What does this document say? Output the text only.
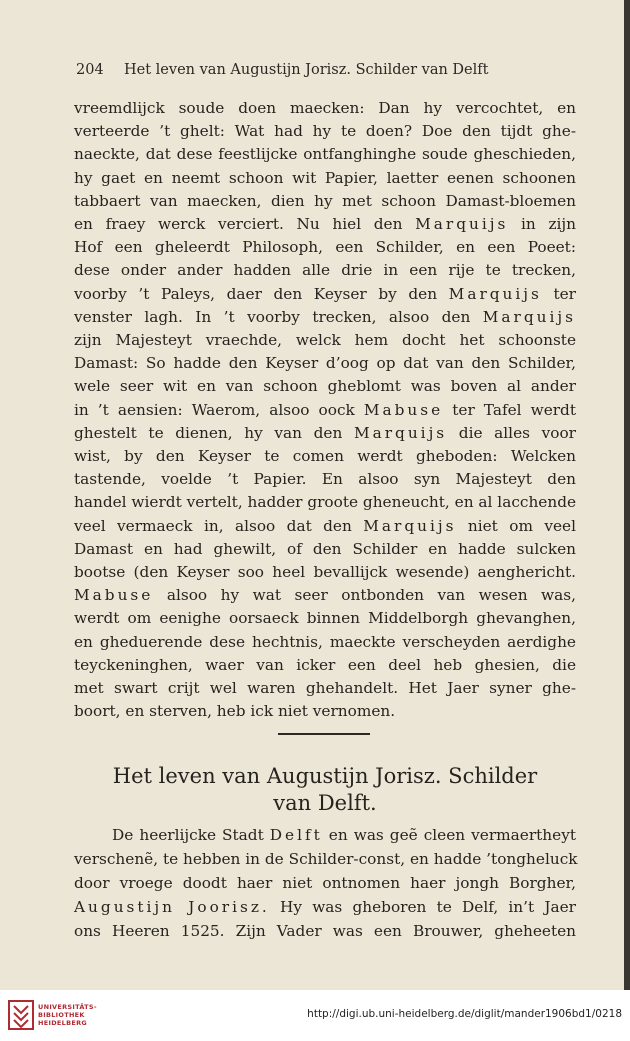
204 Het leven van Augustijn Jorisz. Schilder van Delft
vreemdlijck soude doen maecken: Dan hy vercochtet, en
verteerde ’t ghelt: Wat had hy te doen? Doe den tijdt ghe-
naeckte, dat dese feestlijcke ontfanghinghe soude gheschieden,
hy gaet en neemt schoon wit Papier, laetter eenen schoonen
tabbaert van maecken, dien hy met schoon Damast-bloemen
en fraey werck verciert. Nu hiel den Marquijs in zijn
Hof een gheleerdt Philosoph, een Schilder, en een Poeet:
dese onder ander hadden alle drie in een rije te trecken,
voorby ’t Paleys, daer den Keyser by den Marquijs ter
venster lagh. In ’t voorby trecken, alsoo den Marquijs
zijn Majesteyt vraechde, welck hem docht het schoonste
Damast: So hadde den Keyser d’oog op dat van den Schilder,
wele seer wit en van schoon gheblomt was boven al ander
in ’t aensien: Waerom, alsoo oock Mabuse ter Tafel werdt
ghestelt te dienen, hy van den Marquijs die alles voor
wist, by den Keyser te comen werdt gheboden: Welcken
tastende, voelde ’t Papier. En alsoo syn Majesteyt den
handel wierdt vertelt, hadder groote gheneucht, en al lacchende
veel vermaeck in, alsoo dat den Marquijs niet om veel
Damast en had ghewilt, of den Schilder en hadde sulcken
bootse (den Keyser soo heel bevallijck wesende) aenghericht.
Mabuse alsoo hy wat seer ontbonden van wesen was,
werdt om eenighe oorsaeck binnen Middelborgh ghevanghen,
en gheduerende dese hechtnis, maeckte verscheyden aerdighe
teyckeninghen, waer van icker een deel heb ghesien, die
met swart crijt wel waren ghehandelt. Het Jaer syner ghe-
boort, en sterven, heb ick niet vernomen.
Het leven van Augustijn Jorisz. Schilder
van Delft.
De heerlijcke Stadt Delft en was geẽ cleen vermaertheyt
verschenẽ, te hebben in de Schilder-const, en hadde ’tongheluck
door vroege doodt haer niet ontnomen haer jongh Borgher,
Augustijn Joorisz. Hy was gheboren te Delf, in’t Jaer
ons Heeren 1525. Zijn Vader was een Brouwer, gheheeten
UNIVERSITÄTS-
BIBLIOTHEK
HEIDELBERG
http://digi.ub.uni-heidelberg.de/diglit/mander1906bd1/0218
